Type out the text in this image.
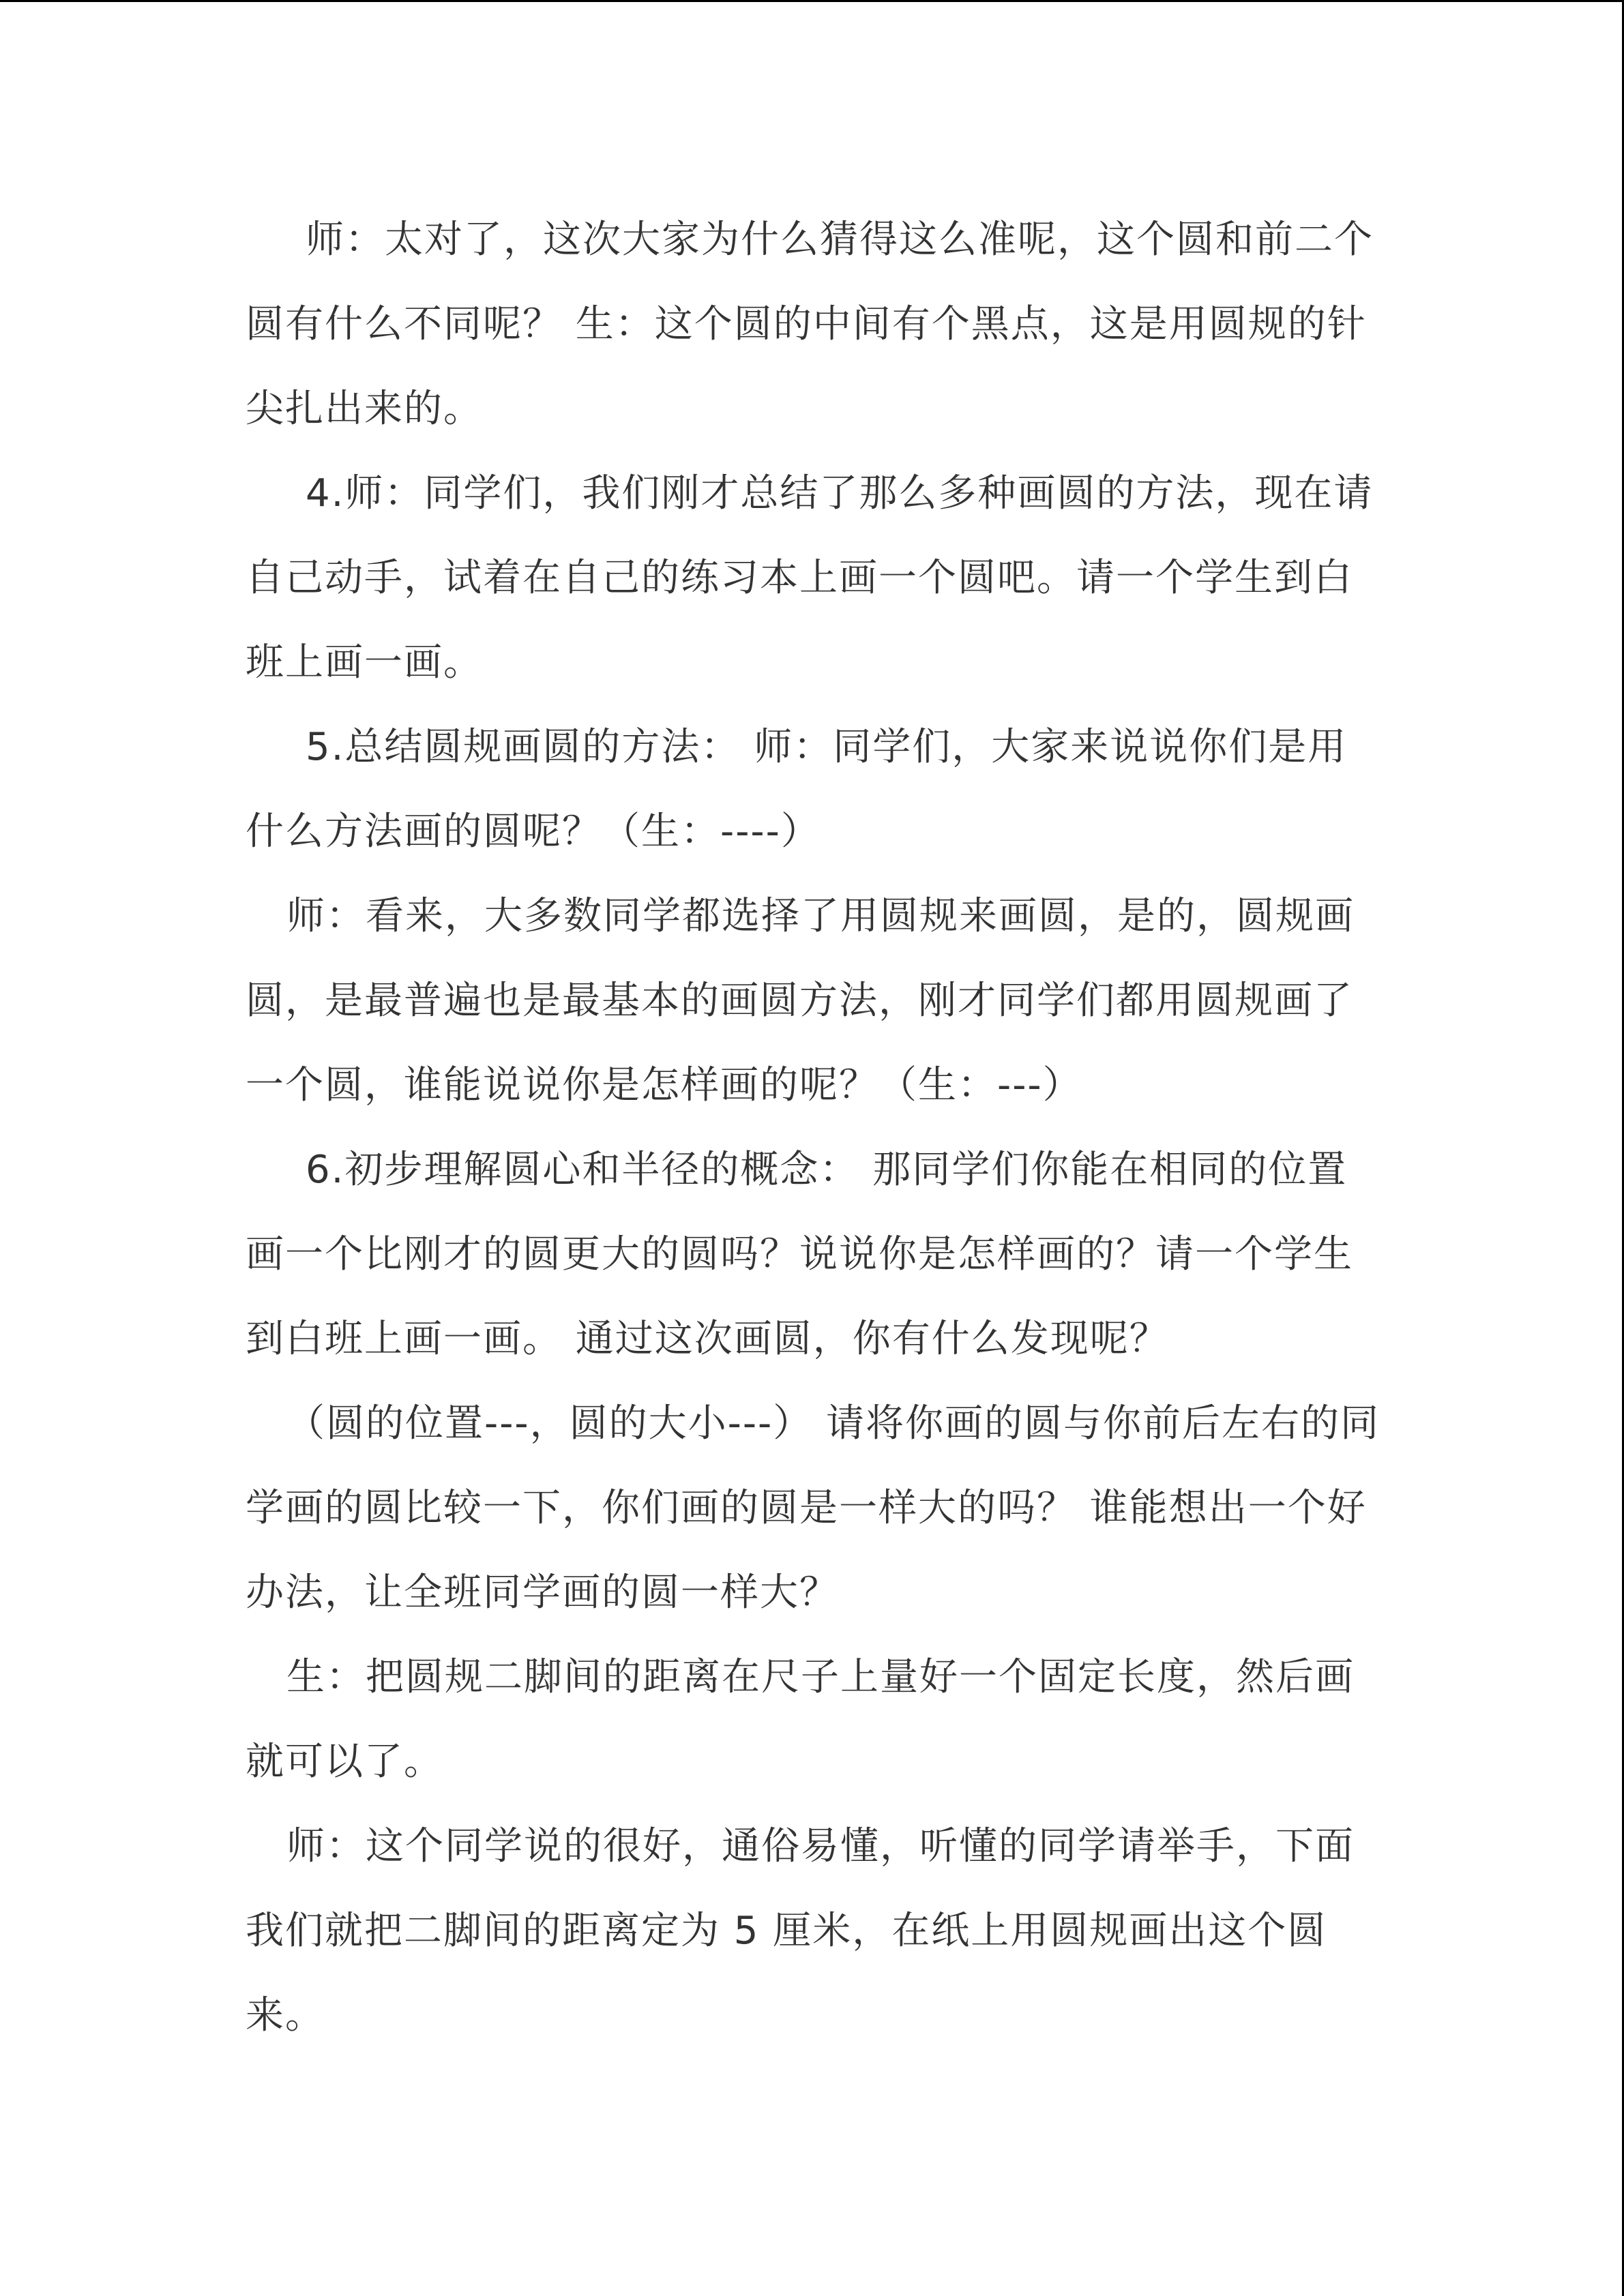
师：太对了，这次大家为什么猜得这么准呢，这个圆和前二个圆有什么不同呢？ 生：这个圆的中间有个黑点，这是用圆规的针尖扎出来的。

4.师：同学们，我们刚才总结了那么多种画圆的方法，现在请自己动手，试着在自己的练习本上画一个圆吧。请一个学生到白班上画一画。

5.总结圆规画圆的方法： 师：同学们，大家来说说你们是用什么方法画的圆呢？（生：----）

师：看来，大多数同学都选择了用圆规来画圆，是的，圆规画圆，是最普遍也是最基本的画圆方法，刚才同学们都用圆规画了一个圆，谁能说说你是怎样画的呢？（生：---）

6.初步理解圆心和半径的概念： 那同学们你能在相同的位置画一个比刚才的圆更大的圆吗？说说你是怎样画的？请一个学生到白班上画一画。 通过这次画圆，你有什么发现呢？

（圆的位置---，圆的大小---） 请将你画的圆与你前后左右的同学画的圆比较一下，你们画的圆是一样大的吗？ 谁能想出一个好办法，让全班同学画的圆一样大？

生：把圆规二脚间的距离在尺子上量好一个固定长度，然后画就可以了。

师：这个同学说的很好，通俗易懂，听懂的同学请举手，下面我们就把二脚间的距离定为 5 厘米，在纸上用圆规画出这个圆来。
